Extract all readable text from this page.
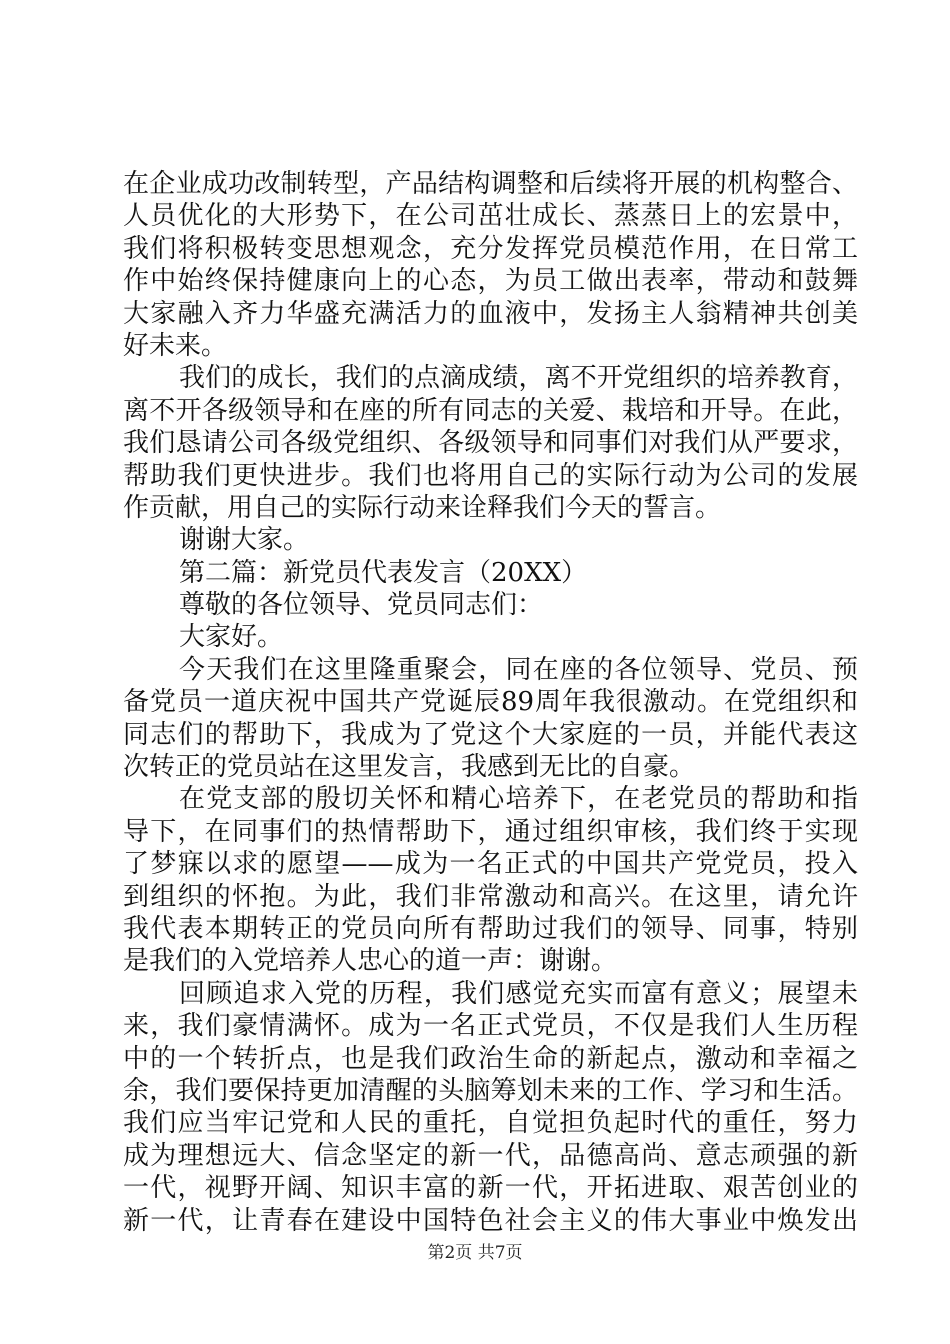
在企业成功改制转型，产品结构调整和后续将开展的机构整合、
人员优化的大形势下，在公司茁壮成长、蒸蒸日上的宏景中，
我们将积极转变思想观念，充分发挥党员模范作用，在日常工
作中始终保持健康向上的心态，为员工做出表率，带动和鼓舞
大家融入齐力华盛充满活力的血液中，发扬主人翁精神共创美
好未来。
我们的成长，我们的点滴成绩，离不开党组织的培养教育，
离不开各级领导和在座的所有同志的关爱、栽培和开导。在此，
我们恳请公司各级党组织、各级领导和同事们对我们从严要求，
帮助我们更快进步。我们也将用自己的实际行动为公司的发展
作贡献，用自己的实际行动来诠释我们今天的誓言。
谢谢大家。
第二篇：新党员代表发言（20XX）
尊敬的各位领导、党员同志们：
大家好。
今天我们在这里隆重聚会，同在座的各位领导、党员、预
备党员一道庆祝中国共产党诞辰89周年我很激动。在党组织和
同志们的帮助下，我成为了党这个大家庭的一员，并能代表这
次转正的党员站在这里发言，我感到无比的自豪。
在党支部的殷切关怀和精心培养下，在老党员的帮助和指
导下，在同事们的热情帮助下，通过组织审核，我们终于实现
了梦寐以求的愿望——成为一名正式的中国共产党党员，投入
到组织的怀抱。为此，我们非常激动和高兴。在这里，请允许
我代表本期转正的党员向所有帮助过我们的领导、同事，特别
是我们的入党培养人忠心的道一声：谢谢。
回顾追求入党的历程，我们感觉充实而富有意义；展望未
来，我们豪情满怀。成为一名正式党员，不仅是我们人生历程
中的一个转折点，也是我们政治生命的新起点，激动和幸福之
余，我们要保持更加清醒的头脑筹划未来的工作、学习和生活。
我们应当牢记党和人民的重托，自觉担负起时代的重任，努力
成为理想远大、信念坚定的新一代，品德高尚、意志顽强的新
一代，视野开阔、知识丰富的新一代，开拓进取、艰苦创业的
新一代，让青春在建设中国特色社会主义的伟大事业中焕发出
第2页 共7页
